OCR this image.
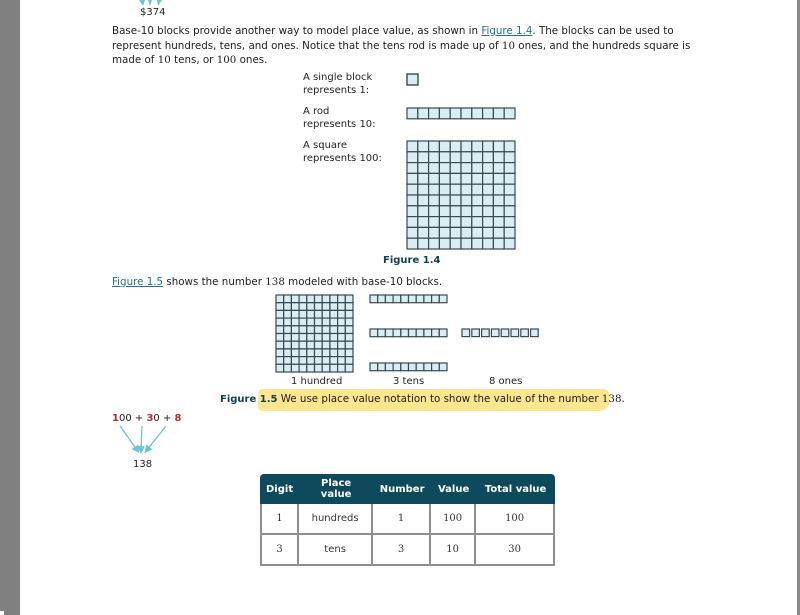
$374
Base-10 blocks provide another way to model place value, as shown in Figure 1.4. The blocks can be used to represent hundreds, tens, and ones. Notice that the tens rod is made up of 10 ones, and the hundreds square is made of 10 tens, or 100 ones.
A single block
represents 1:
A rod
represents 10:
A square
represents 100:
Figure 1.4
Figure 1.5 shows the number 138 modeled with base-10 blocks.
1 hundred	3 tens	8 ones
Figure 1.5 We use place value notation to show the value of the number 138.
100 + 30 + 8
138
Digit	Place value	Number	Value	Total value
1	hundreds	1	100	100
3	tens	3	10	30
